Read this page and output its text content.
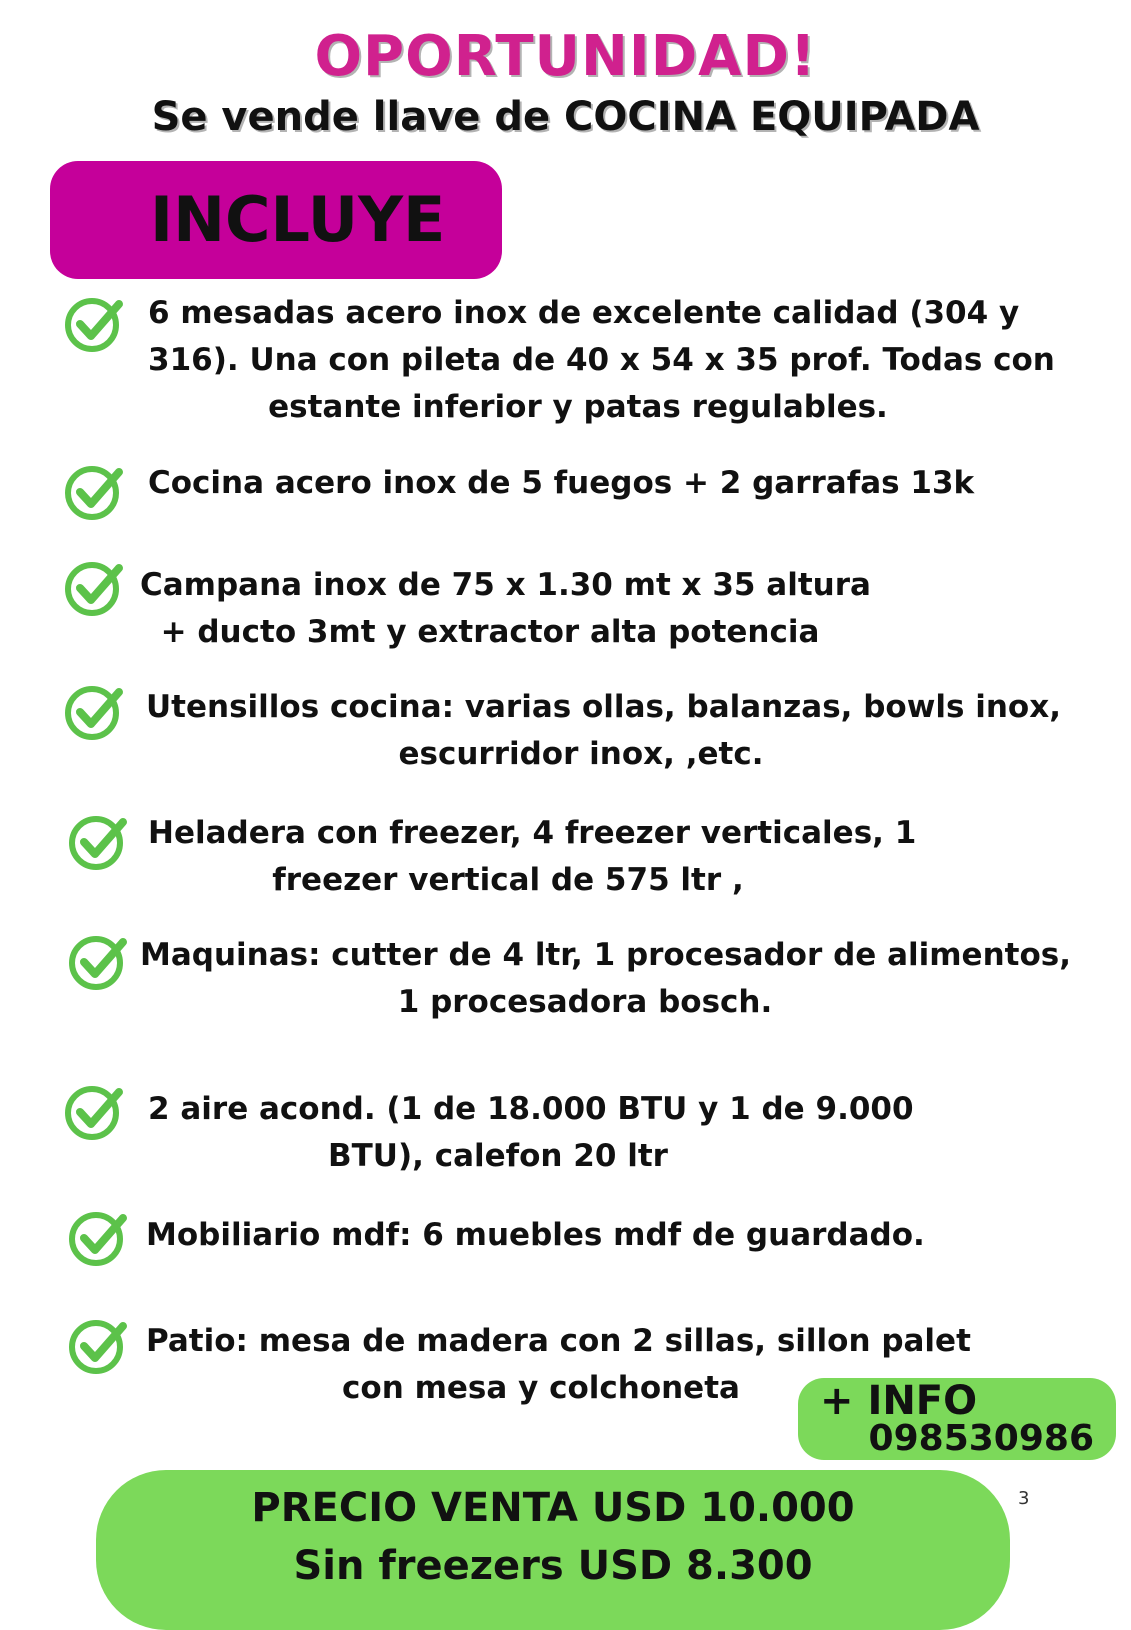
OPORTUNIDAD!
Se vende llave de COCINA EQUIPADA
INCLUYE
6 mesadas acero inox de excelente calidad (304 y
316). Una con pileta de 40 x 54 x 35 prof. Todas con
estante inferior y patas regulables.
Cocina acero inox de 5 fuegos + 2 garrafas 13k
Campana inox de 75 x 1.30 mt x 35 altura
+ ducto 3mt y extractor alta potencia
Utensillos cocina: varias ollas, balanzas, bowls inox,
escurridor inox, ,etc.
Heladera con freezer, 4 freezer verticales, 1
freezer vertical de 575 ltr ,
Maquinas: cutter de 4 ltr, 1 procesador de alimentos,
1 procesadora bosch.
2 aire acond. (1 de 18.000 BTU y 1 de 9.000
BTU), calefon 20 ltr
Mobiliario mdf: 6 muebles mdf de guardado.
Patio: mesa de madera con 2 sillas, sillon palet
con mesa y colchoneta	+ INFO
098530986
3
PRECIO VENTA USD 10.000
Sin freezers USD 8.300
